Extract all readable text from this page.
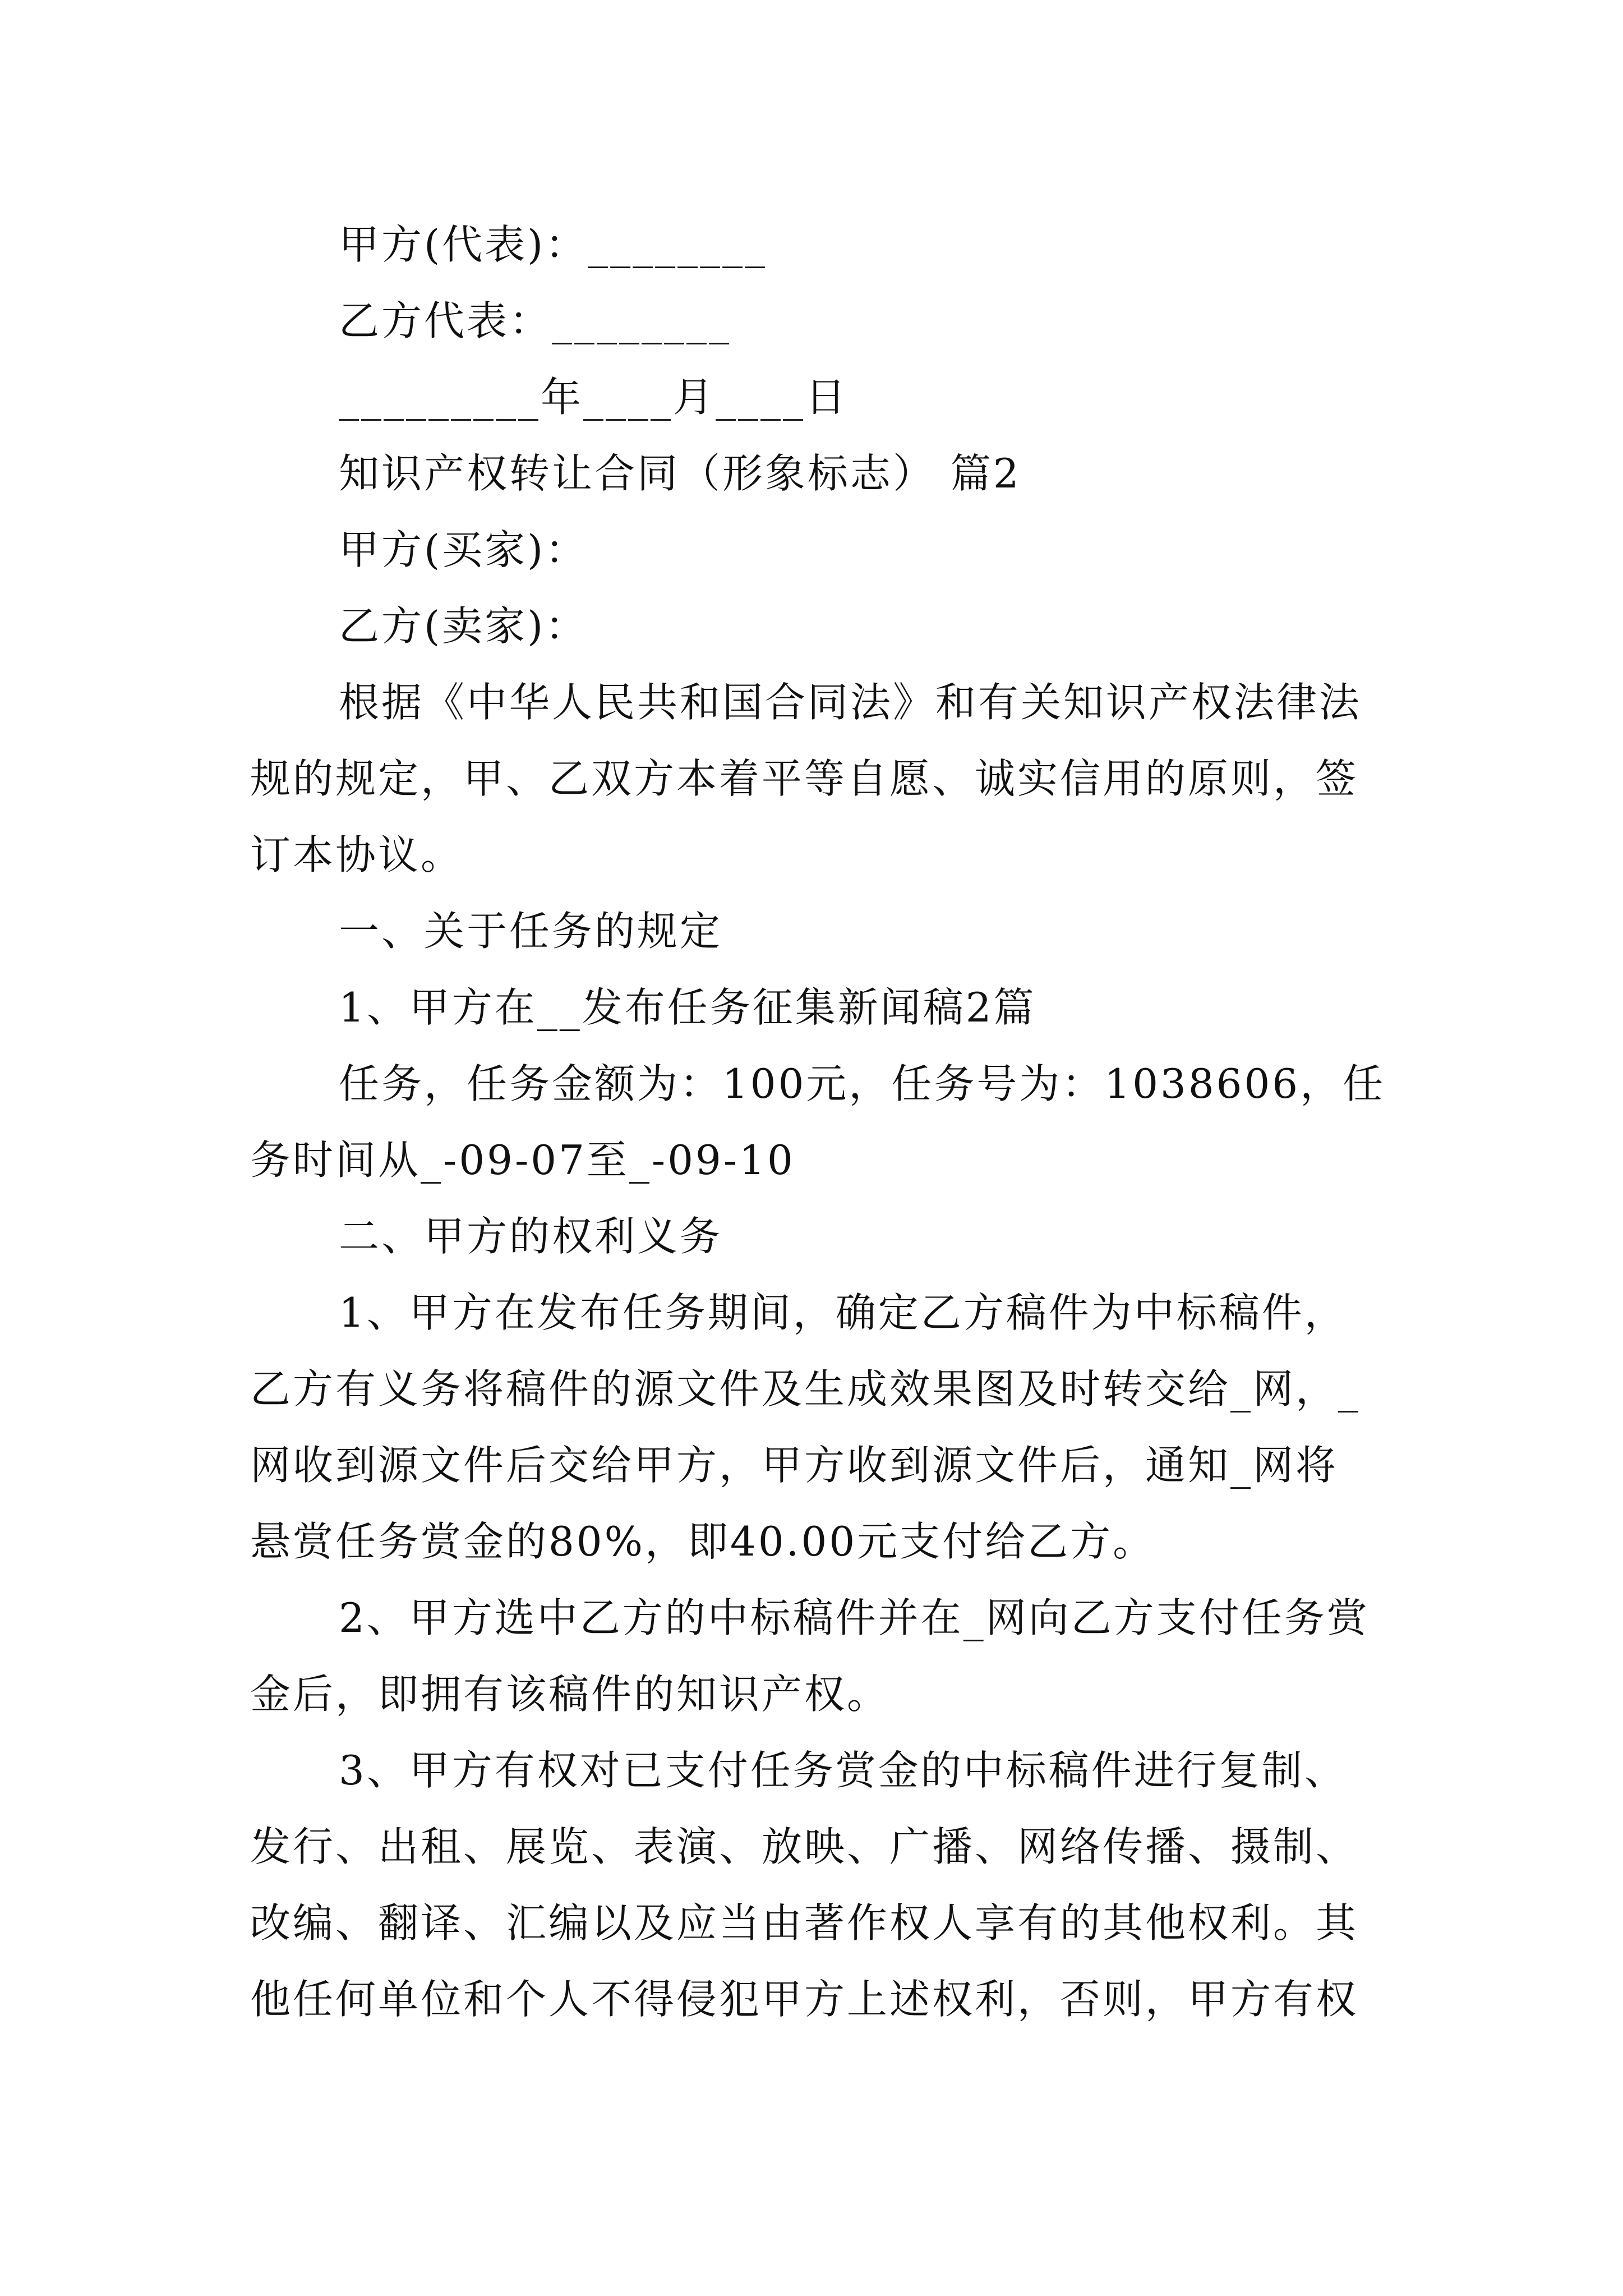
甲方(代表)：________
乙方代表：________
_________年____月____日
知识产权转让合同（形象标志） 篇2
甲方(买家)：
乙方(卖家)：
根据《中华人民共和国合同法》和有关知识产权法律法
规的规定，甲、乙双方本着平等自愿、诚实信用的原则，签
订本协议。
一、关于任务的规定
1、甲方在__发布任务征集新闻稿2篇
任务，任务金额为：100元，任务号为：1038606，任
务时间从_-09-07至_-09-10
二、甲方的权利义务
1、甲方在发布任务期间，确定乙方稿件为中标稿件，
乙方有义务将稿件的源文件及生成效果图及时转交给_网，_
网收到源文件后交给甲方，甲方收到源文件后，通知_网将
悬赏任务赏金的80%，即40.00元支付给乙方。
2、甲方选中乙方的中标稿件并在_网向乙方支付任务赏
金后，即拥有该稿件的知识产权。
3、甲方有权对已支付任务赏金的中标稿件进行复制、
发行、出租、展览、表演、放映、广播、网络传播、摄制、
改编、翻译、汇编以及应当由著作权人享有的其他权利。其
他任何单位和个人不得侵犯甲方上述权利，否则，甲方有权
